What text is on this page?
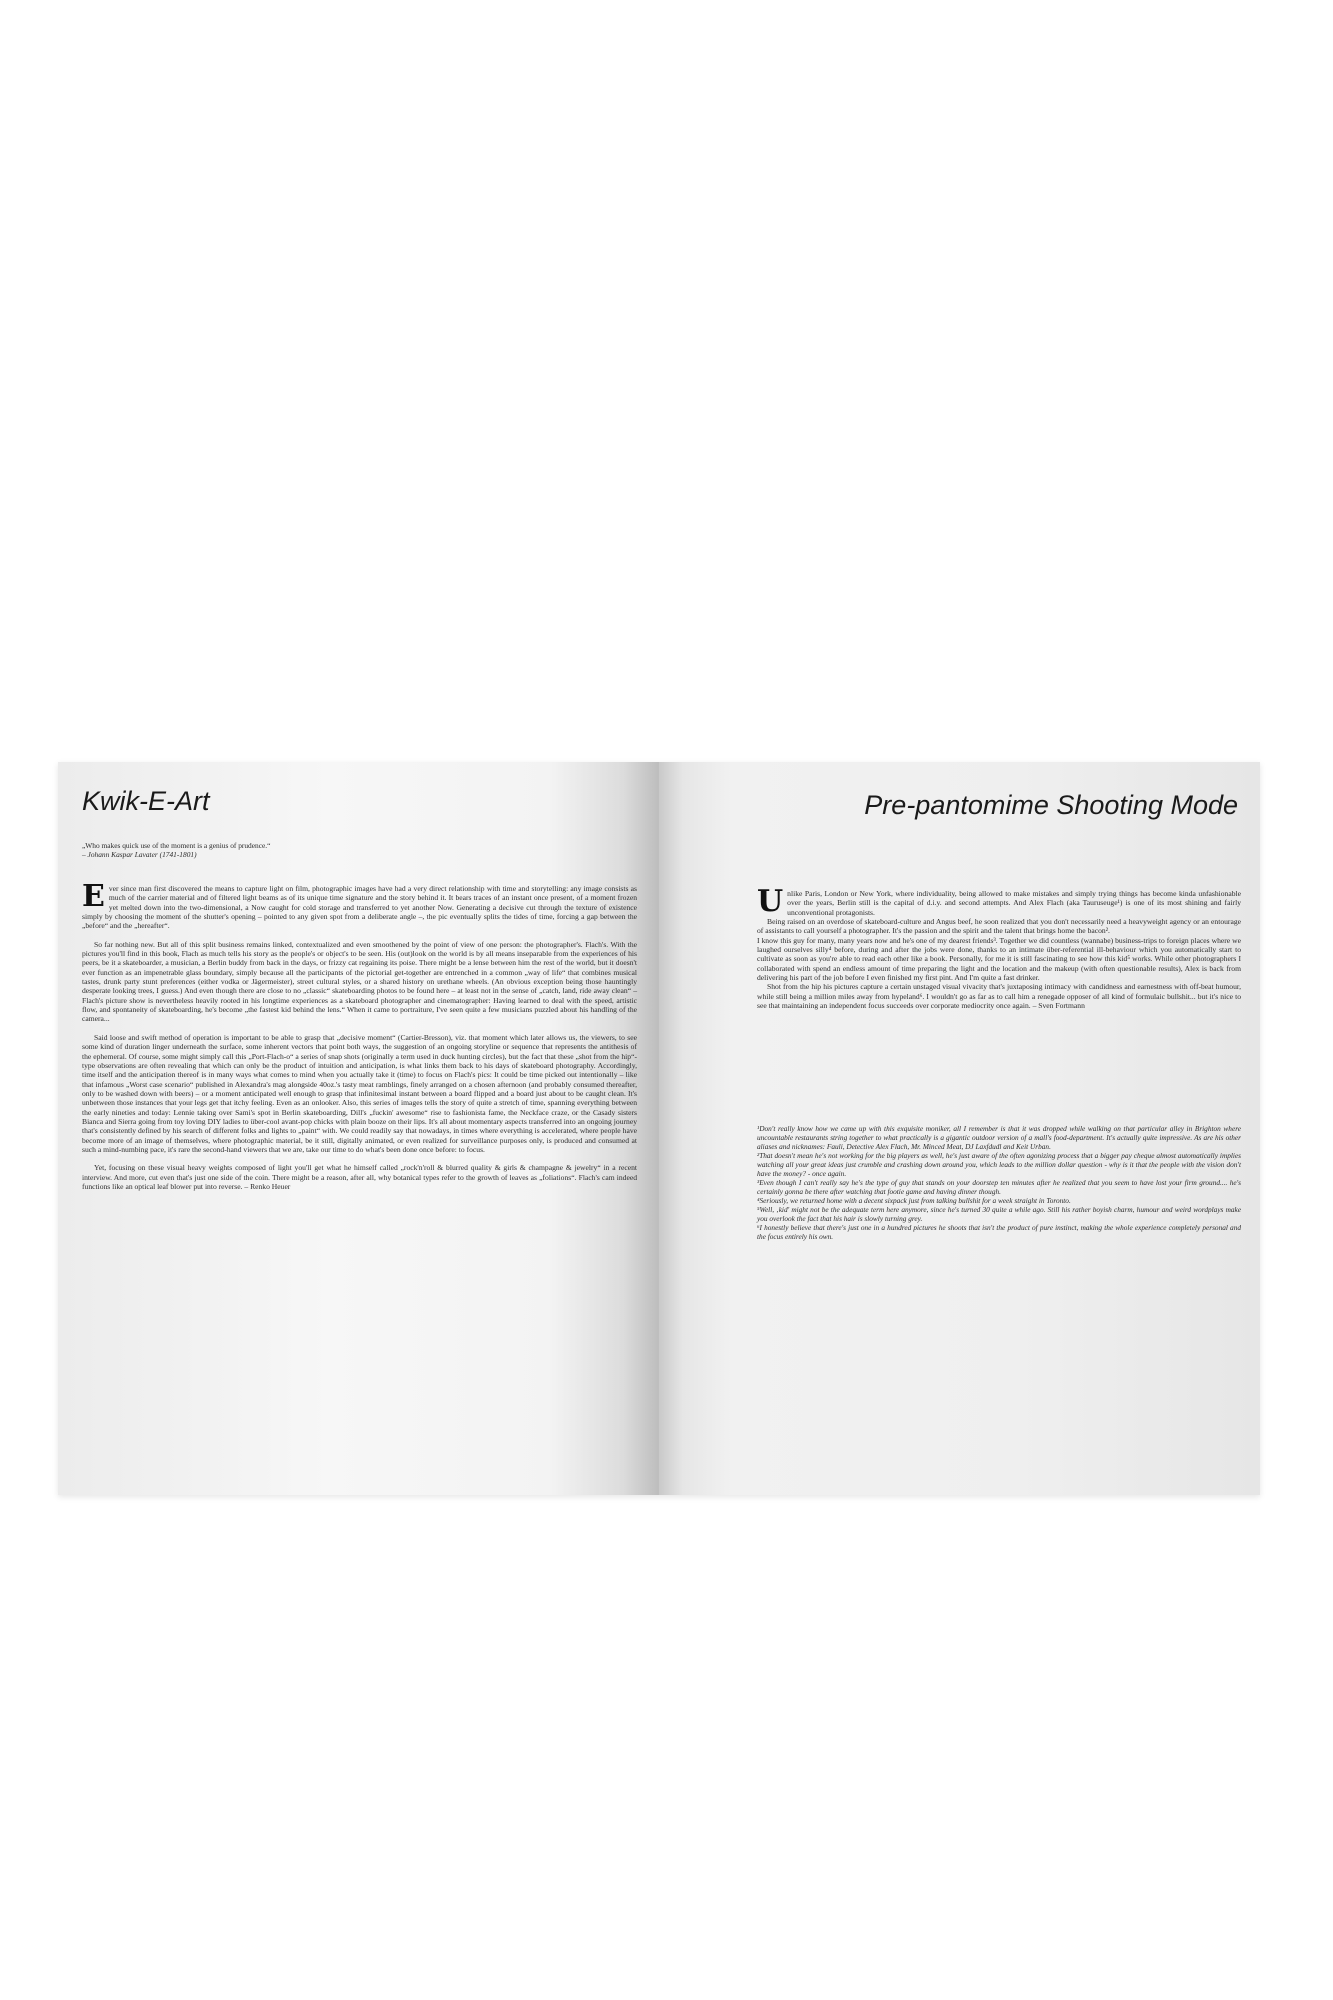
Kwik-E-Art
„Who makes quick use of the moment is a genius of prudence.“
– Johann Kaspar Lavater (1741-1801)

Ever since man first discovered the means to capture light on film, photographic images have had a very direct relationship with time and storytelling: any image consists as much of the carrier material and of filtered light beams as of its unique time signature and the story behind it. It bears traces of an instant once present, of a moment frozen yet melted down into the two-dimensional, a Now caught for cold storage and transferred to yet another Now. Generating a decisive cut through the texture of existence simply by choosing the moment of the shutter's opening – pointed to any given spot from a deliberate angle –, the pic eventually splits the tides of time, forcing a gap between the „before“ and the „hereafter“.

So far nothing new. But all of this split business remains linked, contextualized and even smoothened by the point of view of one person: the photographer's. Flach's. With the pictures you'll find in this book, Flach as much tells his story as the people's or object's to be seen. His (out)look on the world is by all means inseparable from the experiences of his peers, be it a skateboarder, a musician, a Berlin buddy from back in the days, or frizzy cat regaining its poise. There might be a lense between him the rest of the world, but it doesn't ever function as an impenetrable glass boundary, simply because all the participants of the pictorial get-together are entrenched in a common „way of life“ that combines musical tastes, drunk party stunt preferences (either vodka or Jägermeister), street cultural styles, or a shared history on urethane wheels. (An obvious exception being those hauntingly desperate looking trees, I guess.) And even though there are close to no „classic“ skateboarding photos to be found here – at least not in the sense of „catch, land, ride away clean“ – Flach's picture show is nevertheless heavily rooted in his longtime experiences as a skateboard photographer and cinematographer: Having learned to deal with the speed, artistic flow, and spontaneity of skateboarding, he's become „the fastest kid behind the lens.“ When it came to portraiture, I've seen quite a few musicians puzzled about his handling of the camera...

Said loose and swift method of operation is important to be able to grasp that „decisive moment“ (Cartier-Bresson), viz. that moment which later allows us, the viewers, to see some kind of duration linger underneath the surface, some inherent vectors that point both ways, the suggestion of an ongoing storyline or sequence that represents the antithesis of the ephemeral. Of course, some might simply call this „Port-Flach-o“ a series of snap shots (originally a term used in duck hunting circles), but the fact that these „shot from the hip“-type observations are often revealing that which can only be the product of intuition and anticipation, is what links them back to his days of skateboard photography. Accordingly, time itself and the anticipation thereof is in many ways what comes to mind when you actually take it (time) to focus on Flach's pics: It could be time picked out intentionally – like that infamous „Worst case scenario“ published in Alexandra's mag alongside 40oz.'s tasty meat ramblings, finely arranged on a chosen afternoon (and probably consumed thereafter, only to be washed down with beers) – or a moment anticipated well enough to grasp that infinitesimal instant between a board flipped and a board just about to be caught clean. It's unbetween those instances that your legs get that itchy feeling. Even as an onlooker. Also, this series of images tells the story of quite a stretch of time, spanning everything between the early nineties and today: Lennie taking over Sami's spot in Berlin skateboarding, Dill's „fuckin' awesome“ rise to fashionista fame, the Neckface craze, or the Casady sisters Bianca and Sierra going from toy loving DIY ladies to über-cool avant-pop chicks with plain booze on their lips. It's all about momentary aspects transferred into an ongoing journey that's consistently defined by his search of different folks and lights to „paint“ with. We could readily say that nowadays, in times where everything is accelerated, where people have become more of an image of themselves, where photographic material, be it still, digitally animated, or even realized for surveillance purposes only, is produced and consumed at such a mind-numbing pace, it's rare the second-hand viewers that we are, take our time to do what's been done once before: to focus.

Yet, focusing on these visual heavy weights composed of light you'll get what he himself called „rock'n'roll & blurred quality & girls & champagne & jewelry“ in a recent interview. And more, cut even that's just one side of the coin. There might be a reason, after all, why botanical types refer to the growth of leaves as „foliations“. Flach's cam indeed functions like an optical leaf blower put into reverse. – Renko Heuer

Pre-pantomime Shooting Mode

Unlike Paris, London or New York, where individuality, being allowed to make mistakes and simply trying things has become kinda unfashionable over the years, Berlin still is the capital of d.i.y. and second attempts. And Alex Flach (aka Tauruseuge¹) is one of its most shining and fairly unconventional protagonists.

Being raised on an overdose of skateboard-culture and Angus beef, he soon realized that you don't necessarily need a heavyweight agency or an entourage of assistants to call yourself a photographer. It's the passion and the spirit and the talent that brings home the bacon².

I know this guy for many, many years now and he's one of my dearest friends³. Together we did countless (wannabe) business-trips to foreign places where we laughed ourselves silly⁴ before, during and after the jobs were done, thanks to an intimate über-referential ill-behaviour which you automatically start to cultivate as soon as you're able to read each other like a book. Personally, for me it is still fascinating to see how this kid⁵ works. While other photographers I collaborated with spend an endless amount of time preparing the light and the location and the makeup (with often questionable results), Alex is back from delivering his part of the job before I even finished my first pint. And I'm quite a fast drinker.

Shot from the hip his pictures capture a certain unstaged visual vivacity that's juxtaposing intimacy with candidness and earnestness with off-beat humour, while still being a million miles away from hypeland⁶. I wouldn't go as far as to call him a renegade opposer of all kind of formulaic bullshit... but it's nice to see that maintaining an independent focus succeeds over corporate mediocrity once again. – Sven Fortmann

¹Don't really know how we came up with this exquisite moniker, all I remember is that it was dropped while walking on that particular alley in Brighton where uncountable restaurants string together to what practically is a gigantic outdoor version of a mall's food-department. It's actually quite impressive. As are his other aliases and nicknames: Fauli, Detective Alex Flach, Mr. Minced Meat, DJ Laxfdudl and Keit Urban.

²That doesn't mean he's not working for the big players as well, he's just aware of the often agonizing process that a bigger pay cheque almost automatically implies watching all your great ideas just crumble and crashing down around you, which leads to the million dollar question - why is it that the people with the vision don't have the money? - once again.

³Even though I can't really say he's the type of guy that stands on your doorstep ten minutes after he realized that you seem to have lost your firm ground.... he's certainly gonna be there after watching that footie game and having dinner though.

⁴Seriously, we returned home with a decent sixpack just from talking bullshit for a week straight in Toronto.

⁵Well, ‚kid' might not be the adequate term here anymore, since he's turned 30 quite a while ago. Still his rather boyish charm, humour and weird wordplays make you overlook the fact that his hair is slowly turning grey.

⁶I honestly believe that there's just one in a hundred pictures he shoots that isn't the product of pure instinct, making the whole experience completely personal and the focus entirely his own.
